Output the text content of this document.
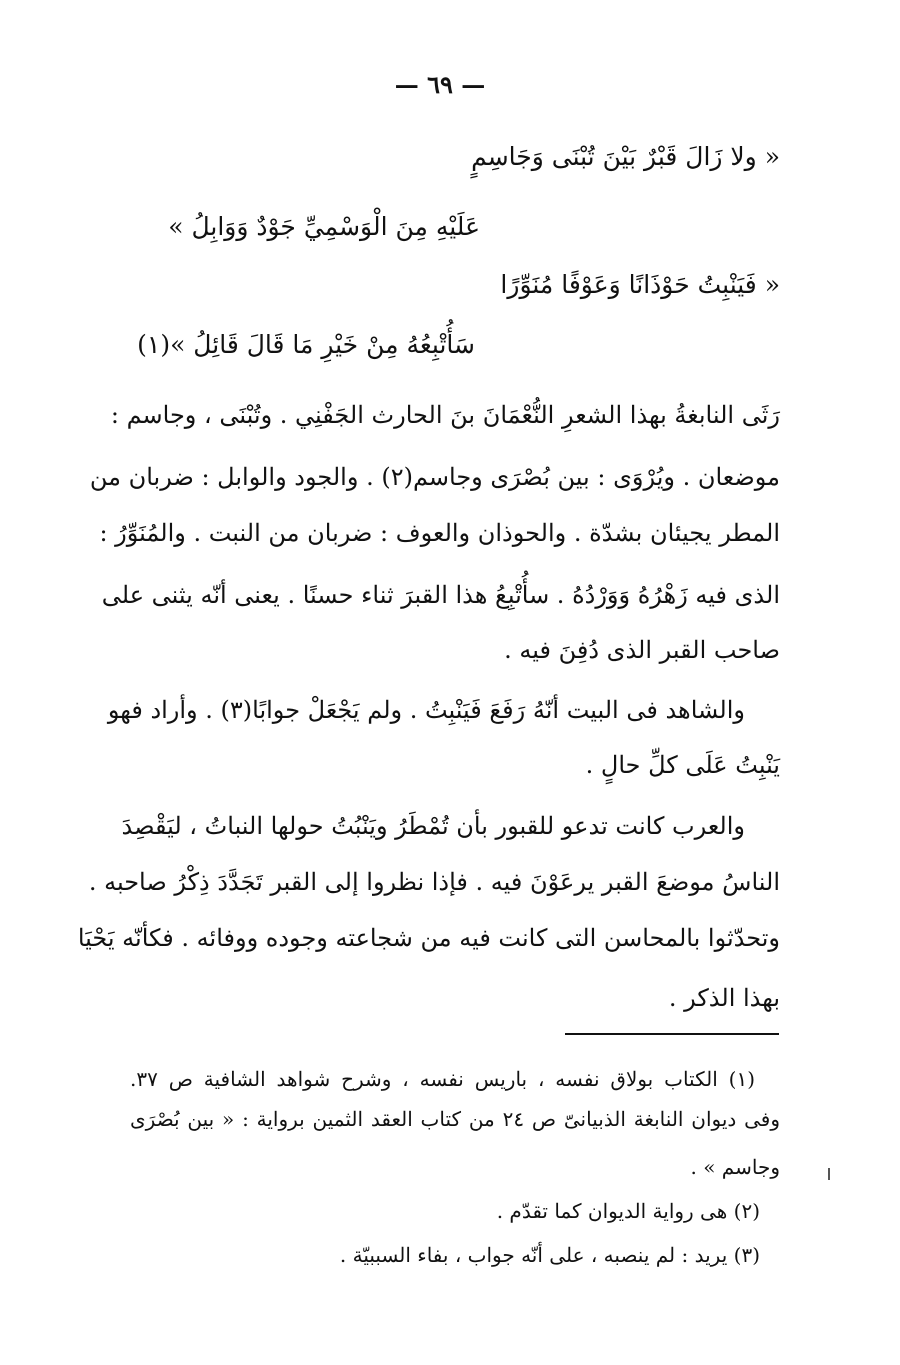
— ٦٩ —
« ولا زَالَ قَبْرٌ بَيْنَ تُبْنَى وَجَاسِمٍ
عَلَيْهِ مِنَ الْوَسْمِيِّ جَوْدٌ وَوَابِلُ »
« فَيَنْبِتُ حَوْذَانًا وَعَوْفًا مُنَوِّرًا
سَأُتْبِعُهُ مِنْ خَيْرِ مَا قَالَ قَائِلُ »(١)
رَثَى النابغةُ بهذا الشعرِ النُّعْمَانَ بنَ الحارث الجَفْنِي . وتُبْنَى ، وجاسم :
موضعان . ويُرْوَى : بين بُصْرَى وجاسم(٢) . والجود والوابل : ضربان من
المطر يجيئان بشدّة . والحوذان والعوف : ضربان من النبت . والمُنَوِّرُ :
الذى فيه زَهْرُهُ وَوَرْدُهُ . سأُتْبِعُ هذا القبرَ ثناء حسنًا . يعنى أنّه يثنى على
صاحب القبر الذى دُفِنَ فيه .
والشاهد فى البيت أنّهُ رَفَعَ فَيَنْبِتُ . ولم يَجْعَلْ جوابًا(٣) . وأراد فهو
يَنْبِتُ عَلَى كلِّ حالٍ .
والعرب كانت تدعو للقبور بأن تُمْطَرُ ويَنْبُتُ حولها النباتُ ، ليَقْصِدَ
الناسُ موضعَ القبر يرعَوْنَ فيه . فإذا نظروا إلى القبر تَجَدَّدَ ذِكْرُ صاحبه .
وتحدّثوا بالمحاسن التى كانت فيه من شجاعته وجوده ووفائه . فكأنّه يَحْيَا
بهذا الذكر .
(١) الكتاب بولاق نفسه ، باريس نفسه ، وشرح شواهد الشافية ص ٣٧.
وفى ديوان النابغة الذبيانىّ ص ٢٤ من كتاب العقد الثمين برواية : « بين بُصْرَى
وجاسم » .
(٢) هى رواية الديوان كما تقدّم .
(٣) يريد : لم ينصبه ، على أنّه جواب ، بفاء السببيّة .
